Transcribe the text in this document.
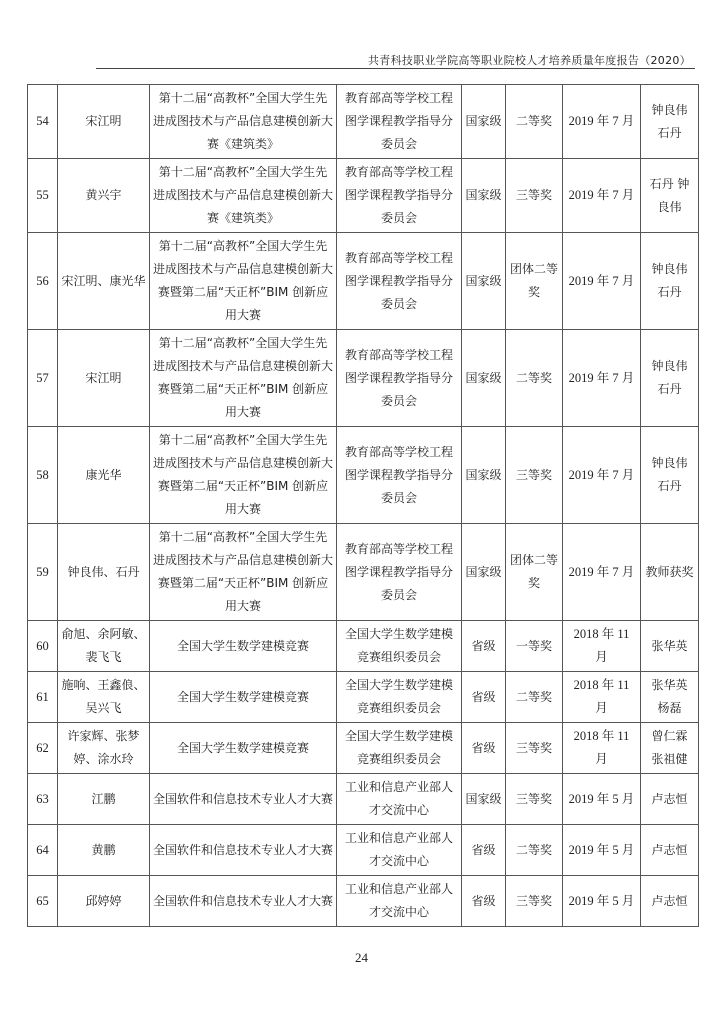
共青科技职业学院高等职业院校人才培养质量年度报告（2020）
54	宋江明	第十二届“高教杯”全国大学生先进成图技术与产品信息建模创新大赛《建筑类》	教育部高等学校工程图学课程教学指导分委员会	国家级	二等奖	2019 年 7 月	钟良伟 石丹
55	黄兴宇	第十二届“高教杯”全国大学生先进成图技术与产品信息建模创新大赛《建筑类》	教育部高等学校工程图学课程教学指导分委员会	国家级	三等奖	2019 年 7 月	石丹 钟良伟
56	宋江明、康光华	第十二届“高教杯”全国大学生先进成图技术与产品信息建模创新大赛暨第二届“天正杯”BIM 创新应用大赛	教育部高等学校工程图学课程教学指导分委员会	国家级	团体二等奖	2019 年 7 月	钟良伟 石丹
57	宋江明	第十二届“高教杯”全国大学生先进成图技术与产品信息建模创新大赛暨第二届“天正杯”BIM 创新应用大赛	教育部高等学校工程图学课程教学指导分委员会	国家级	二等奖	2019 年 7 月	钟良伟 石丹
58	康光华	第十二届“高教杯”全国大学生先进成图技术与产品信息建模创新大赛暨第二届“天正杯”BIM 创新应用大赛	教育部高等学校工程图学课程教学指导分委员会	国家级	三等奖	2019 年 7 月	钟良伟 石丹
59	钟良伟、石丹	第十二届“高教杯”全国大学生先进成图技术与产品信息建模创新大赛暨第二届“天正杯”BIM 创新应用大赛	教育部高等学校工程图学课程教学指导分委员会	国家级	团体二等奖	2019 年 7 月	教师获奖
60	俞旭、余阿敏、裴飞飞	全国大学生数学建模竞赛	全国大学生数学建模竞赛组织委员会	省级	一等奖	2018 年 11 月	张华英
61	施响、王鑫俍、吴兴飞	全国大学生数学建模竞赛	全国大学生数学建模竞赛组织委员会	省级	二等奖	2018 年 11 月	张华英 杨磊
62	许家辉、张梦婷、涂水玲	全国大学生数学建模竞赛	全国大学生数学建模竞赛组织委员会	省级	三等奖	2018 年 11 月	曾仁霖 张祖健
63	江鹏	全国软件和信息技术专业人才大赛	工业和信息产业部人才交流中心	国家级	三等奖	2019 年 5 月	卢志恒
64	黄鹏	全国软件和信息技术专业人才大赛	工业和信息产业部人才交流中心	省级	二等奖	2019 年 5 月	卢志恒
65	邱婷婷	全国软件和信息技术专业人才大赛	工业和信息产业部人才交流中心	省级	三等奖	2019 年 5 月	卢志恒
24
